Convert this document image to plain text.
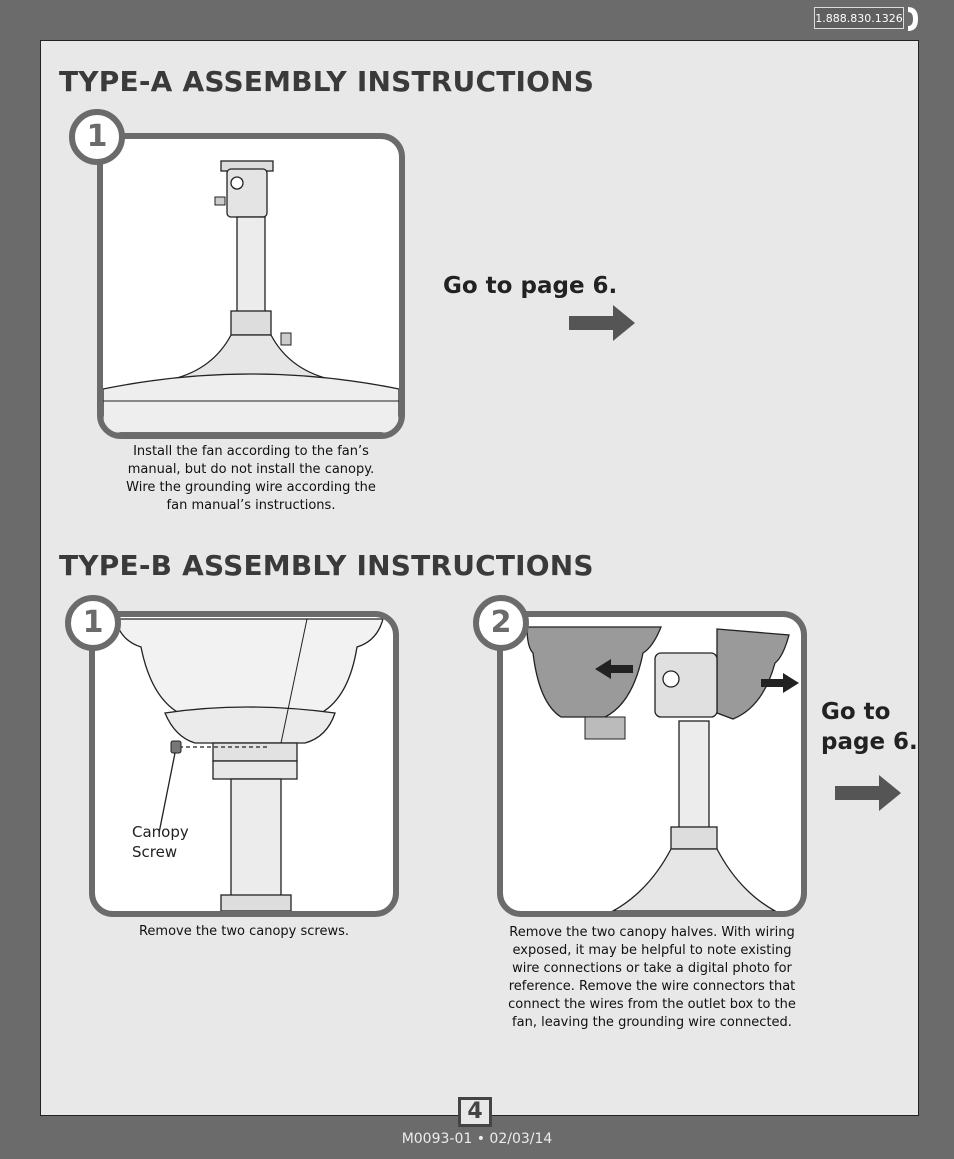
1.888.830.1326
TYPE-A ASSEMBLY INSTRUCTIONS
1
Install the fan according to the fan’s
manual, but do not install the canopy.
Wire the grounding wire according the
fan manual’s instructions.
Go to page 6.
TYPE-B ASSEMBLY INSTRUCTIONS
1
Canopy
Screw
Remove the two canopy screws.
2
Remove the two canopy halves. With wiring
exposed, it may be helpful to note existing
wire connections or take a digital photo for
reference. Remove the wire connectors that
connect the wires from the outlet box to the
fan, leaving the grounding wire connected.
Go to
page 6.
4
M0093-01 • 02/03/14
